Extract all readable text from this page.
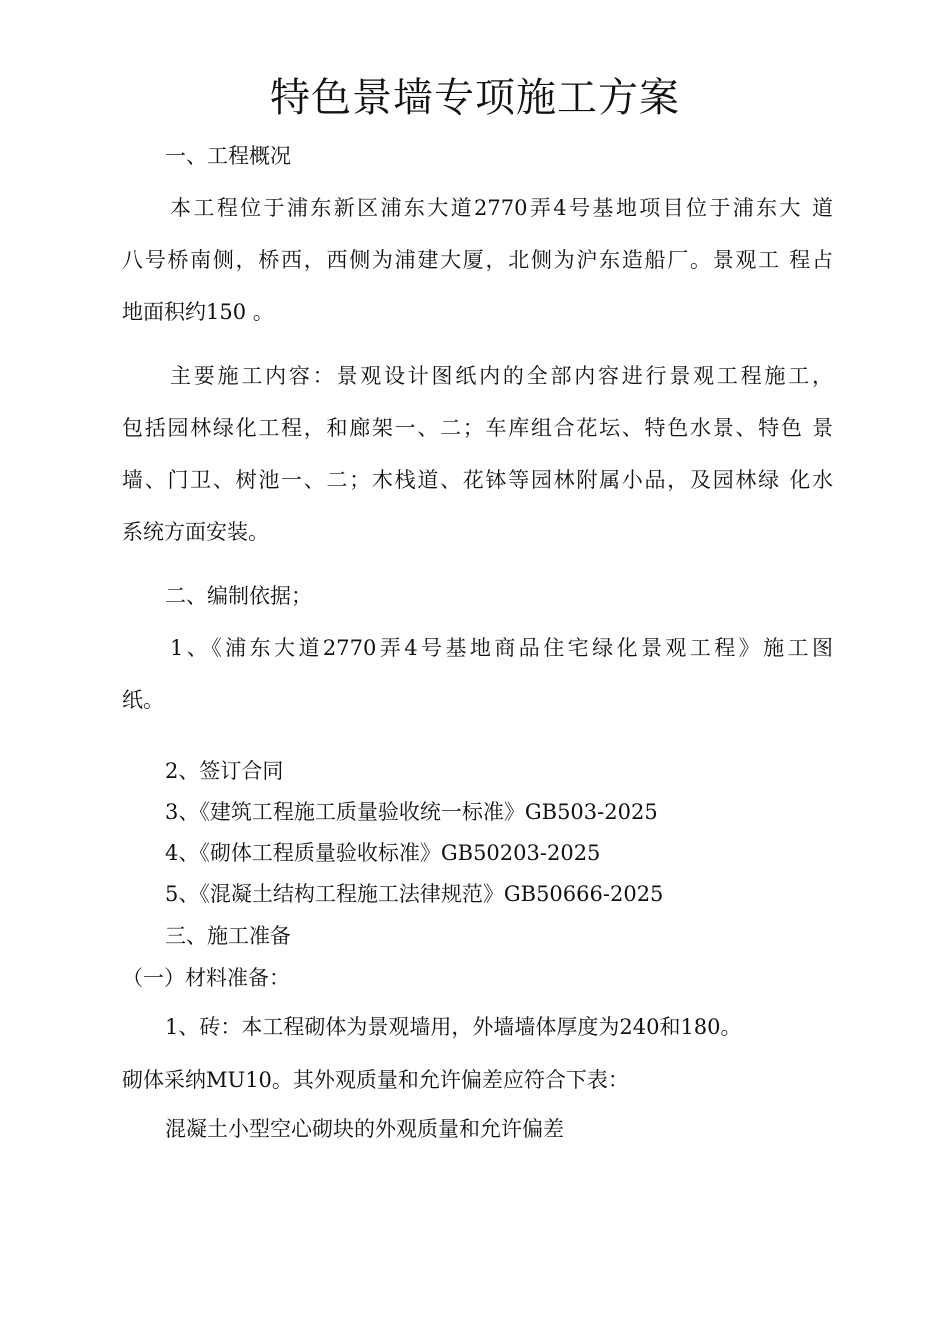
特色景墙专项施工方案
一、工程概况
本工程位于浦东新区浦东大道2770弄4号基地项目位于浦东大 道
八号桥南侧，桥西，西侧为浦建大厦，北侧为沪东造船厂。景观工 程占
地面积约150 。
主要施工内容：景观设计图纸内的全部内容进行景观工程施工，
包括园林绿化工程，和廊架一、二；车库组合花坛、特色水景、特色 景
墙、门卫、树池一、二；木栈道、花钵等园林附属小品，及园林绿 化水
系统方面安装。
二、编制依据；
1、《浦东大道2770弄4号基地商品住宅绿化景观工程》施工图
纸。
2、签订合同
3、《建筑工程施工质量验收统一标准》GB503-2025
4、《砌体工程质量验收标准》GB50203-2025
5、《混凝土结构工程施工法律规范》GB50666-2025
三、施工准备
（一）材料准备：
1、砖：本工程砌体为景观墙用，外墙墙体厚度为240和180。
砌体采纳MU10。其外观质量和允许偏差应符合下表：
混凝土小型空心砌块的外观质量和允许偏差
